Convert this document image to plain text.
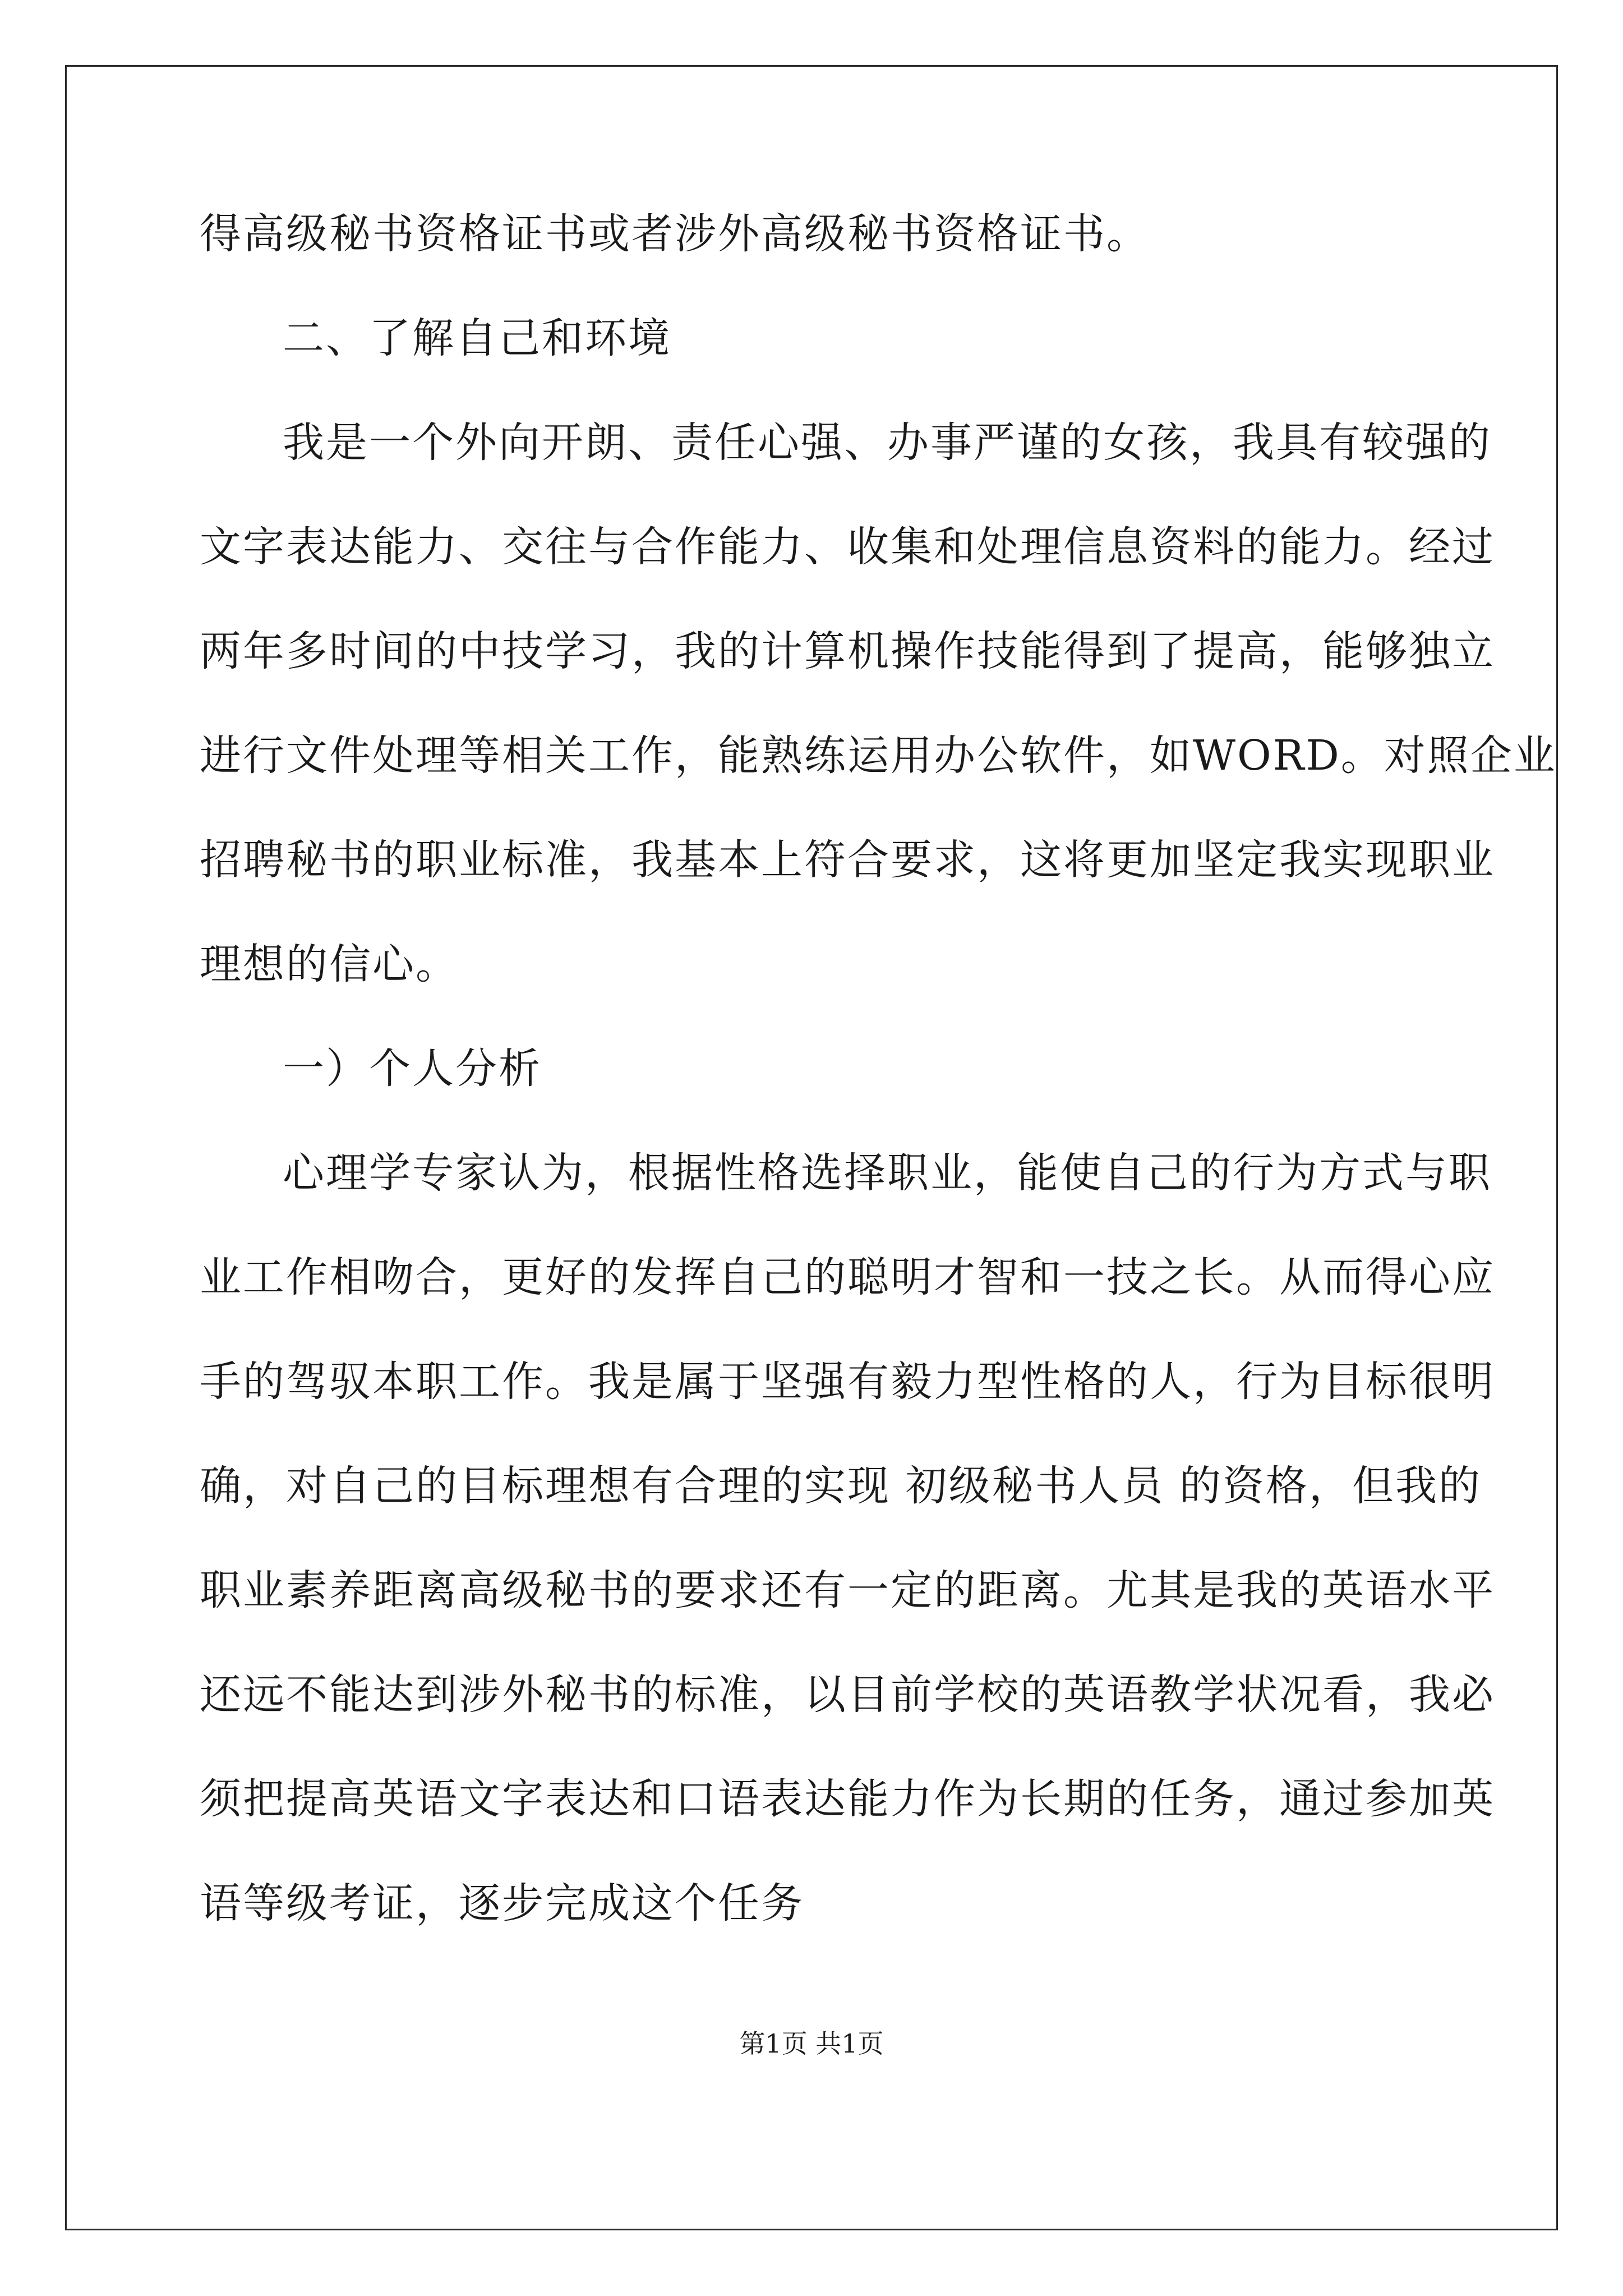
得高级秘书资格证书或者涉外高级秘书资格证书。
二、了解自己和环境
我是一个外向开朗、责任心强、办事严谨的女孩，我具有较强的
文字表达能力、交往与合作能力、收集和处理信息资料的能力。经过
两年多时间的中技学习，我的计算机操作技能得到了提高，能够独立
进行文件处理等相关工作，能熟练运用办公软件，如WORD。对照企业
招聘秘书的职业标准，我基本上符合要求，这将更加坚定我实现职业
理想的信心。
一）个人分析
心理学专家认为，根据性格选择职业，能使自己的行为方式与职
业工作相吻合，更好的发挥自己的聪明才智和一技之长。从而得心应
手的驾驭本职工作。我是属于坚强有毅力型性格的人，行为目标很明
确，对自己的目标理想有合理的实现 初级秘书人员 的资格，但我的
职业素养距离高级秘书的要求还有一定的距离。尤其是我的英语水平
还远不能达到涉外秘书的标准，以目前学校的英语教学状况看，我必
须把提高英语文字表达和口语表达能力作为长期的任务，通过参加英
语等级考证，逐步完成这个任务
第1页 共1页
